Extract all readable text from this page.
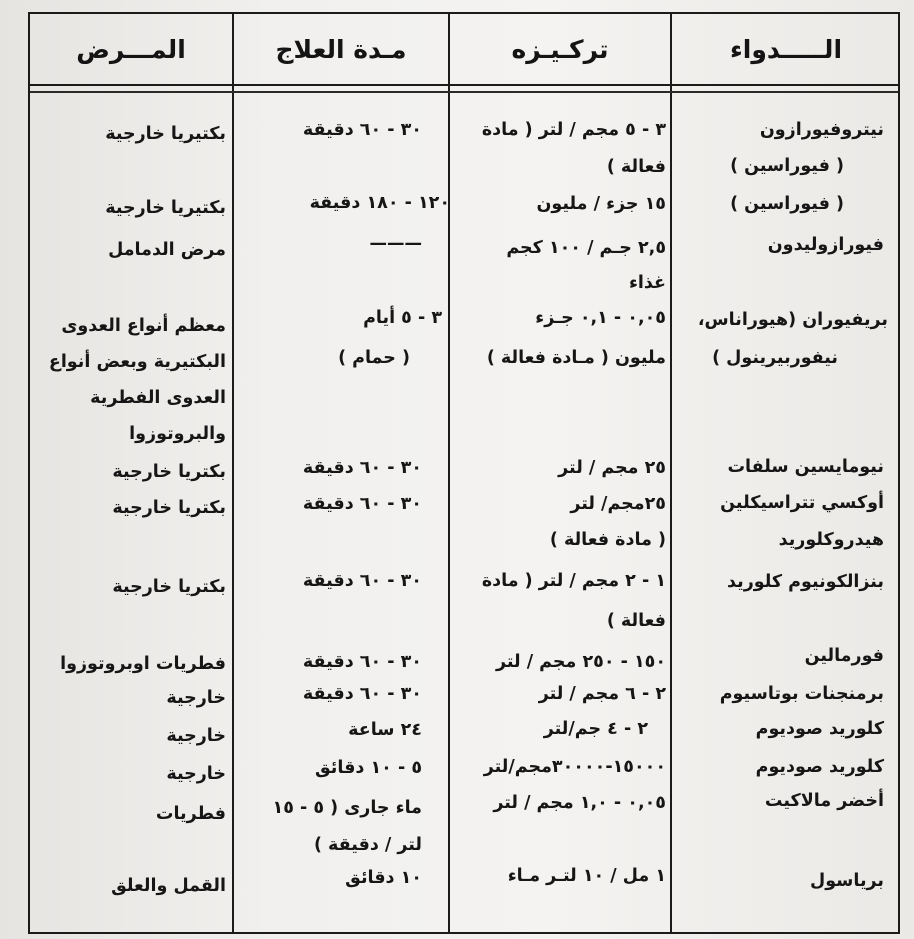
الـــــدواء
تركـيـزه
مـدة العلاج
المـــرض
نيتروفيورازون
٣ - ٥ مجم / لتر ( مادة
٣٠ - ٦٠ دقيقة
بكتيريا خارجية
( فيوراسين )
فعالة )
( فيوراسين )
١٥ جزء / مليون
١٢٠ - ١٨٠ دقيقة
بكتيريا خارجية
فيورازوليدون
٢,٥ جـم / ١٠٠ كجم
———
مرض الدمامل
غذاء
بريفيوران (هيوراناس،
٠,٠٥ - ٠,١ جـزء
٣ - ٥ أيام
معظم أنواع العدوى
نيفوربيرينول )
مليون ( مـادة فعالة )
( حمام )
البكتيرية وبعض أنواع
العدوى الفطرية
والبروتوزوا
نيومايسين سلفات
٢٥ مجم / لتر
٣٠ - ٦٠ دقيقة
بكتريا خارجية
أوكسي تتراسيكلين
٢٥مجم/ لتر
٣٠ - ٦٠ دقيقة
بكتريا خارجية
هيدروكلوريد
( مادة فعالة )
بنزالكونيوم كلوريد
١ - ٢ مجم / لتر ( مادة
٣٠ - ٦٠ دقيقة
بكتريا خارجية
فعالة )
فورمالين
١٥٠ - ٢٥٠ مجم / لتر
٣٠ - ٦٠ دقيقة
فطريات اوبروتوزوا
برمنجنات بوتاسيوم
٢ - ٦ مجم / لتر
٣٠ - ٦٠ دقيقة
خارجية
كلوريد صوديوم
٢ - ٤ جم/لتر
٢٤ ساعة
خارجية
كلوريد صوديوم
١٥٠٠٠-٣٠٠٠٠مجم/لتر
٥ - ١٠ دقائق
خارجية
أخضر مالاكيت
٠,٠٥ - ١,٠ مجم / لتر
ماء جارى ( ٥ - ١٥
فطريات
لتر / دقيقة )
برياسول
١ مل / ١٠ لتـر مـاء
١٠ دقائق
القمل والعلق
